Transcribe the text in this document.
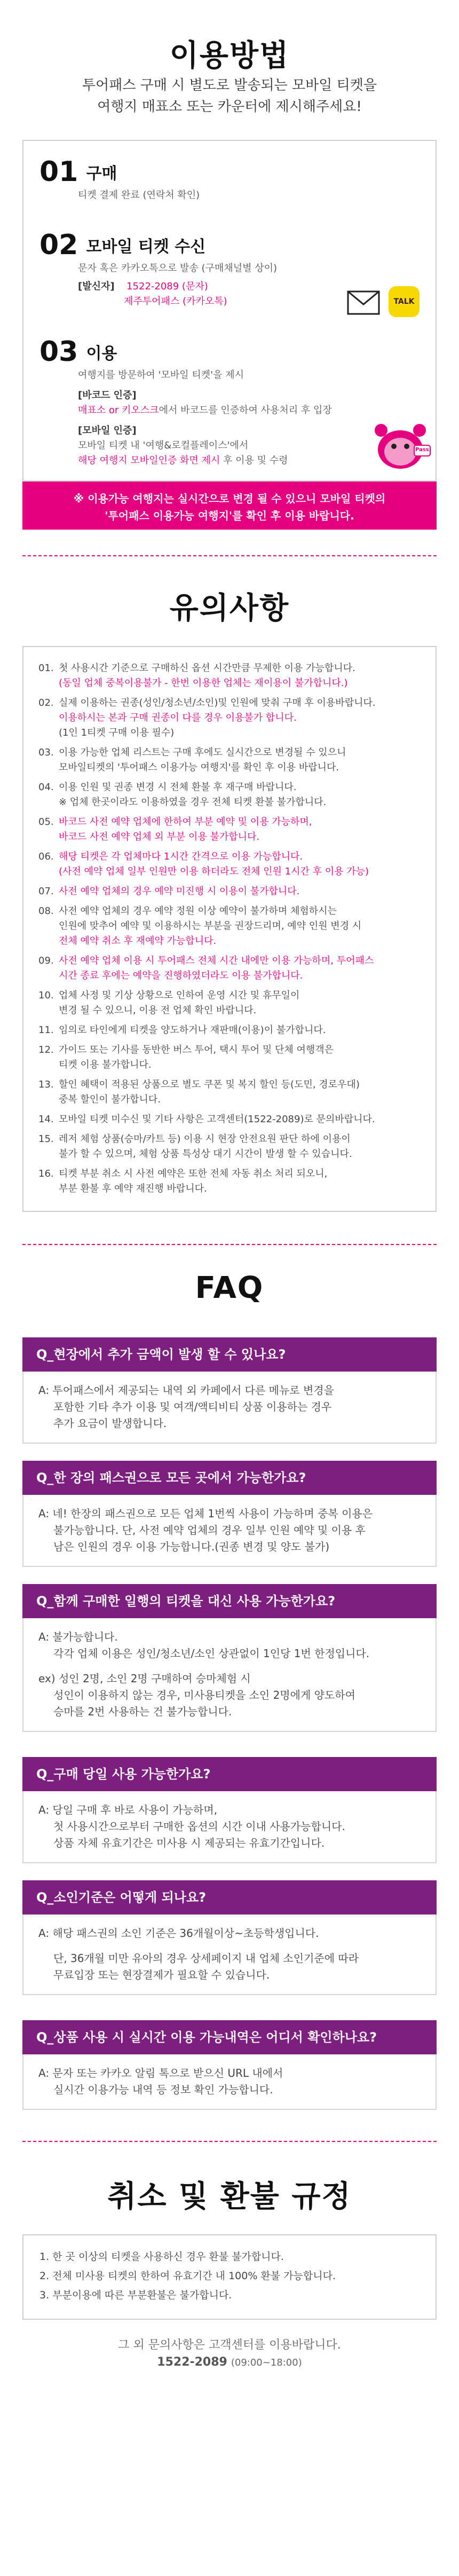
이용방법
투어패스 구매 시 별도로 발송되는 모바일 티켓을
여행지 매표소 또는 카운터에 제시해주세요!
01 구매
티켓 결제 완료 (연락처 확인)
02 모바일 티켓 수신
문자 혹은 카카오톡으로 발송 (구매채널별 상이)
[발신자] 1522-2089 (문자)
제주투어패스 (카카오톡)	TALK
03 이용
여행지를 방문하여 '모바일 티켓'을 제시
[바코드 인증]
매표소 or 키오스크에서 바코드를 인증하여 사용처리 후 입장
[모바일 인증]
모바일 티켓 내 '여행&로컬플레이스'에서
해당 여행지 모바일인증 화면 제시 후 이용 및 수령
Pass
※ 이용가능 여행지는 실시간으로 변경 될 수 있으니 모바일 티켓의
'투어패스 이용가능 여행지'를 확인 후 이용 바랍니다.
유의사항
01. 첫 사용시간 기준으로 구매하신 옵션 시간만큼 무제한 이용 가능합니다.
(동일 업체 중복이용불가 - 한번 이용한 업체는 재이용이 불가합니다.)
02. 실제 이용하는 권종(성인/청소년/소인)및 인원에 맞춰 구매 후 이용바랍니다.
이용하시는 본과 구매 권종이 다를 경우 이용불가 합니다.
(1인 1티켓 구매 이용 필수)
03. 이용 가능한 업체 리스트는 구매 후에도 실시간으로 변경될 수 있으니
모바일티켓의 '투어패스 이용가능 여행지'를 확인 후 이용 바랍니다.
04. 이용 인원 및 권종 변경 시 전체 환불 후 재구매 바랍니다.
※ 업체 한곳이라도 이용하였을 경우 전체 티켓 환불 불가합니다.
05. 바코드 사전 예약 업체에 한하여 부분 예약 및 이용 가능하며,
바코드 사전 예약 업체 외 부분 이용 불가합니다.
06. 해당 티켓은 각 업체마다 1시간 간격으로 이용 가능합니다.
(사전 예약 업체 일부 인원만 이용 하더라도 전체 인원 1시간 후 이용 가능)
07. 사전 예약 업체의 경우 예약 미진행 시 이용이 불가합니다.
08. 사전 예약 업체의 경우 예약 정원 이상 예약이 불가하며 체험하시는
인원에 맞추어 예약 및 이용하시는 부분을 권장드리며, 예약 인원 변경 시
전체 예약 취소 후 재예약 가능합니다.
09. 사전 예약 업체 이용 시 투어패스 전체 시간 내에만 이용 가능하며, 투어패스
시간 종료 후에는 예약을 진행하였더라도 이용 불가합니다.
10. 업체 사정 및 기상 상황으로 인하여 운영 시간 및 휴무일이
변경 될 수 있으니, 이용 전 업체 확인 바랍니다.
11. 임의로 타인에게 티켓을 양도하거나 재판매(이용)이 불가합니다.
12. 가이드 또는 기사를 동반한 버스 투어, 택시 투어 및 단체 여행객은
티켓 이용 불가합니다.
13. 할인 혜택이 적용된 상품으로 별도 쿠폰 및 복지 할인 등(도민, 경로우대)
중복 할인이 불가합니다.
14. 모바일 티켓 미수신 및 기타 사항은 고객센터(1522-2089)로 문의바랍니다.
15. 레저 체험 상품(승마/카트 등) 이용 시 현장 안전요원 판단 하에 이용이
불가 할 수 있으며, 체험 상품 특성상 대기 시간이 발생 할 수 있습니다.
16. 티켓 부분 취소 시 사전 예약은 또한 전체 자동 취소 처리 되오니,
부분 환불 후 예약 재진행 바랍니다.
FAQ
Q_현장에서 추가 금액이 발생 할 수 있나요?
A: 투어패스에서 제공되는 내역 외 카페에서 다른 메뉴로 변경을
포함한 기타 추가 이용 및 여객/액티비티 상품 이용하는 경우
추가 요금이 발생합니다.
Q_한 장의 패스권으로 모든 곳에서 가능한가요?
A: 네! 한장의 패스권으로 모든 업체 1번씩 사용이 가능하며 중복 이용은
불가능합니다. 단, 사전 예약 업체의 경우 일부 인원 예약 및 이용 후
남은 인원의 경우 이용 가능합니다.(권종 변경 및 양도 불가)
Q_함께 구매한 일행의 티켓을 대신 사용 가능한가요?
A: 불가능합니다.
각각 업체 이용은 성인/청소년/소인 상관없이 1인당 1번 한정입니다.
ex) 성인 2명, 소인 2명 구매하여 승마체험 시
성인이 이용하지 않는 경우, 미사용티켓을 소인 2명에게 양도하여
승마를 2번 사용하는 건 불가능합니다.
Q_구매 당일 사용 가능한가요?
A: 당일 구매 후 바로 사용이 가능하며,
첫 사용시간으로부터 구매한 옵션의 시간 이내 사용가능합니다.
상품 자체 유효기간은 미사용 시 제공되는 유효기간입니다.
Q_소인기준은 어떻게 되나요?
A: 해당 패스권의 소인 기준은 36개월이상~초등학생입니다.
단, 36개월 미만 유아의 경우 상세페이지 내 업체 소인기준에 따라
무료입장 또는 현장결제가 필요할 수 있습니다.
Q_상품 사용 시 실시간 이용 가능내역은 어디서 확인하나요?
A: 문자 또는 카카오 알림 톡으로 받으신 URL 내에서
실시간 이용가능 내역 등 정보 확인 가능합니다.
취소 및 환불 규정
1. 한 곳 이상의 티켓을 사용하신 경우 환불 불가합니다.
2. 전체 미사용 티켓의 한하여 유효기간 내 100% 환불 가능합니다.
3. 부분이용에 따른 부분환불은 불가합니다.
그 외 문의사항은 고객센터를 이용바랍니다.
1522-2089 (09:00~18:00)
